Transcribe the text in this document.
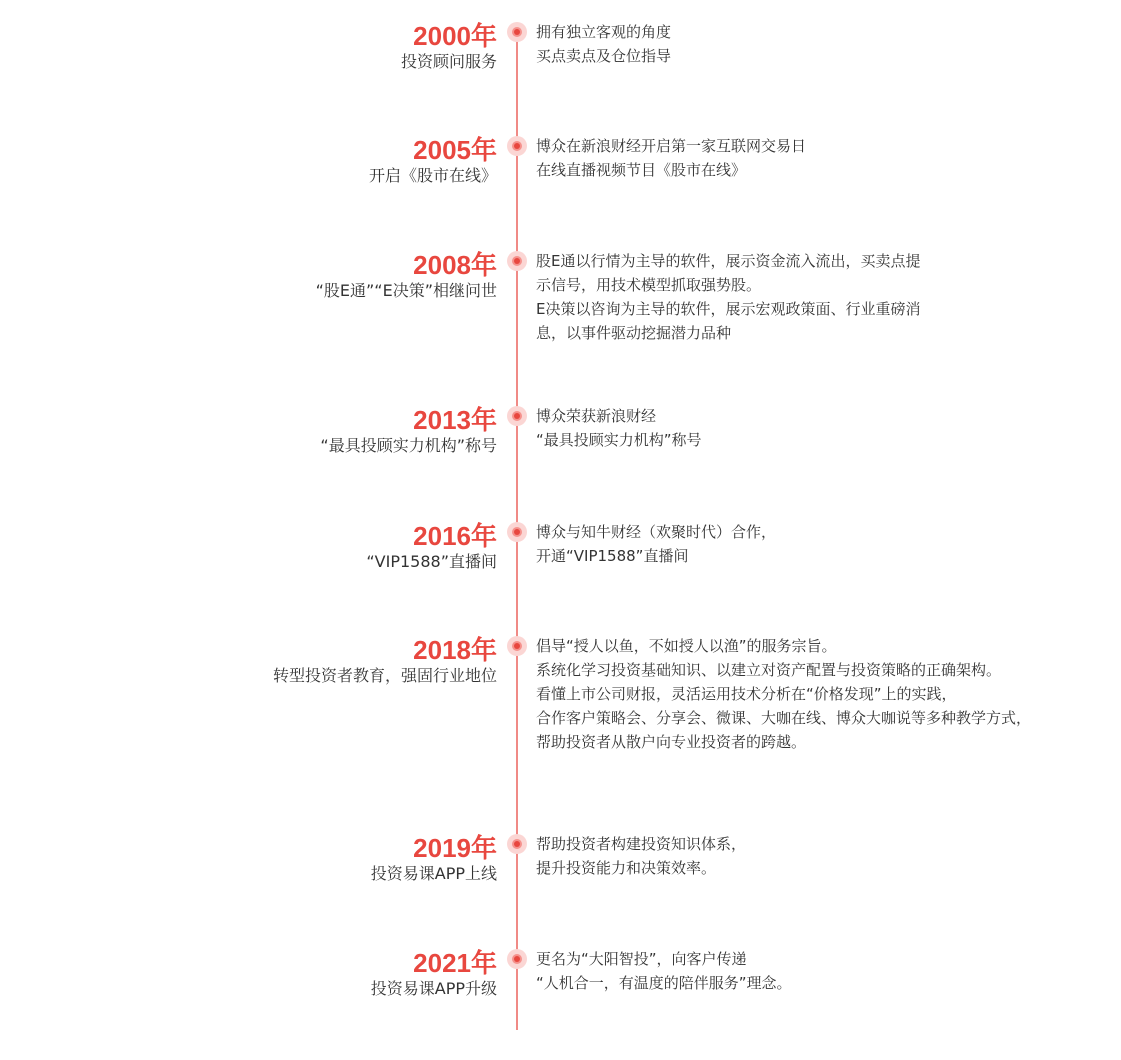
2000年
投资顾问服务
拥有独立客观的角度
买点卖点及仓位指导
2005年
开启《股市在线》
博众在新浪财经开启第一家互联网交易日
在线直播视频节目《股市在线》
2008年
“股E通”“E决策”相继问世
股E通以行情为主导的软件，展示资金流入流出，买卖点提
示信号，用技术模型抓取强势股。
E决策以咨询为主导的软件，展示宏观政策面、行业重磅消
息，以事件驱动挖掘潜力品种
2013年
“最具投顾实力机构”称号
博众荣获新浪财经
“最具投顾实力机构”称号
2016年
“VIP1588”直播间
博众与知牛财经（欢聚时代）合作，
开通“VIP1588”直播间
2018年
转型投资者教育，强固行业地位
倡导“授人以鱼，不如授人以渔”的服务宗旨。
系统化学习投资基础知识、以建立对资产配置与投资策略的正确架构。
看懂上市公司财报，灵活运用技术分析在“价格发现”上的实践，
合作客户策略会、分享会、微课、大咖在线、博众大咖说等多种教学方式，
帮助投资者从散户向专业投资者的跨越。
2019年
投资易课APP上线
帮助投资者构建投资知识体系，
提升投资能力和决策效率。
2021年
投资易课APP升级
更名为“大阳智投”，向客户传递
“人机合一，有温度的陪伴服务”理念。
